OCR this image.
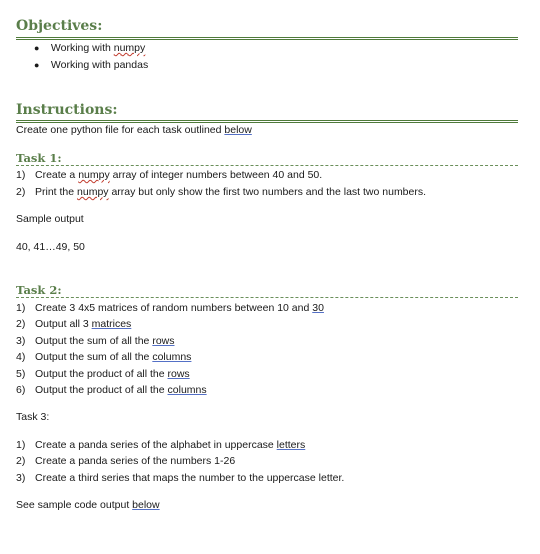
Objectives:
● Working with numpy
● Working with pandas
Instructions:
Create one python file for each task outlined below
Task 1:
1) Create a numpy array of integer numbers between 40 and 50.
2) Print the numpy array but only show the first two numbers and the last two numbers.
Sample output
40, 41…49, 50
Task 2:
1) Create 3 4x5 matrices of random numbers between 10 and 30
2) Output all 3 matrices
3) Output the sum of all the rows
4) Output the sum of all the columns
5) Output the product of all the rows
6) Output the product of all the columns
Task 3:
1) Create a panda series of the alphabet in uppercase letters
2) Create a panda series of the numbers 1-26
3) Create a third series that maps the number to the uppercase letter.
See sample code output below
